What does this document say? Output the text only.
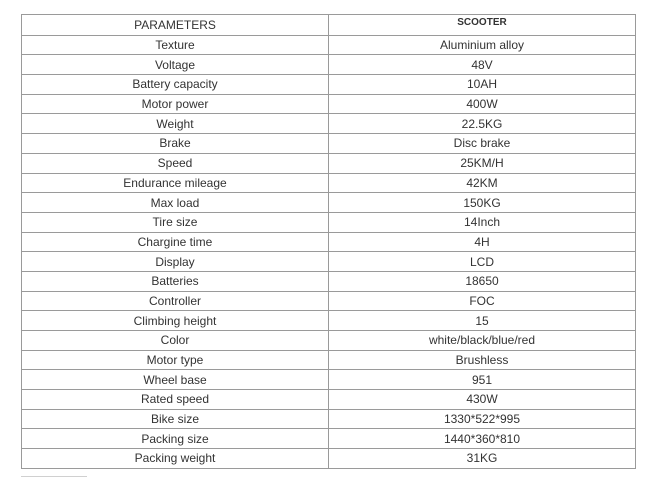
PARAMETERS	SCOOTER
Texture	Aluminium alloy
Voltage	48V
Battery capacity	10AH
Motor power	400W
Weight	22.5KG
Brake	Disc brake
Speed	25KM/H
Endurance mileage	42KM
Max load	150KG
Tire size	14Inch
Chargine time	4H
Display	LCD
Batteries	18650
Controller	FOC
Climbing height	15
Color	white/black/blue/red
Motor type	Brushless
Wheel base	951
Rated speed	430W
Bike size	1330*522*995
Packing size	1440*360*810
Packing weight	31KG
